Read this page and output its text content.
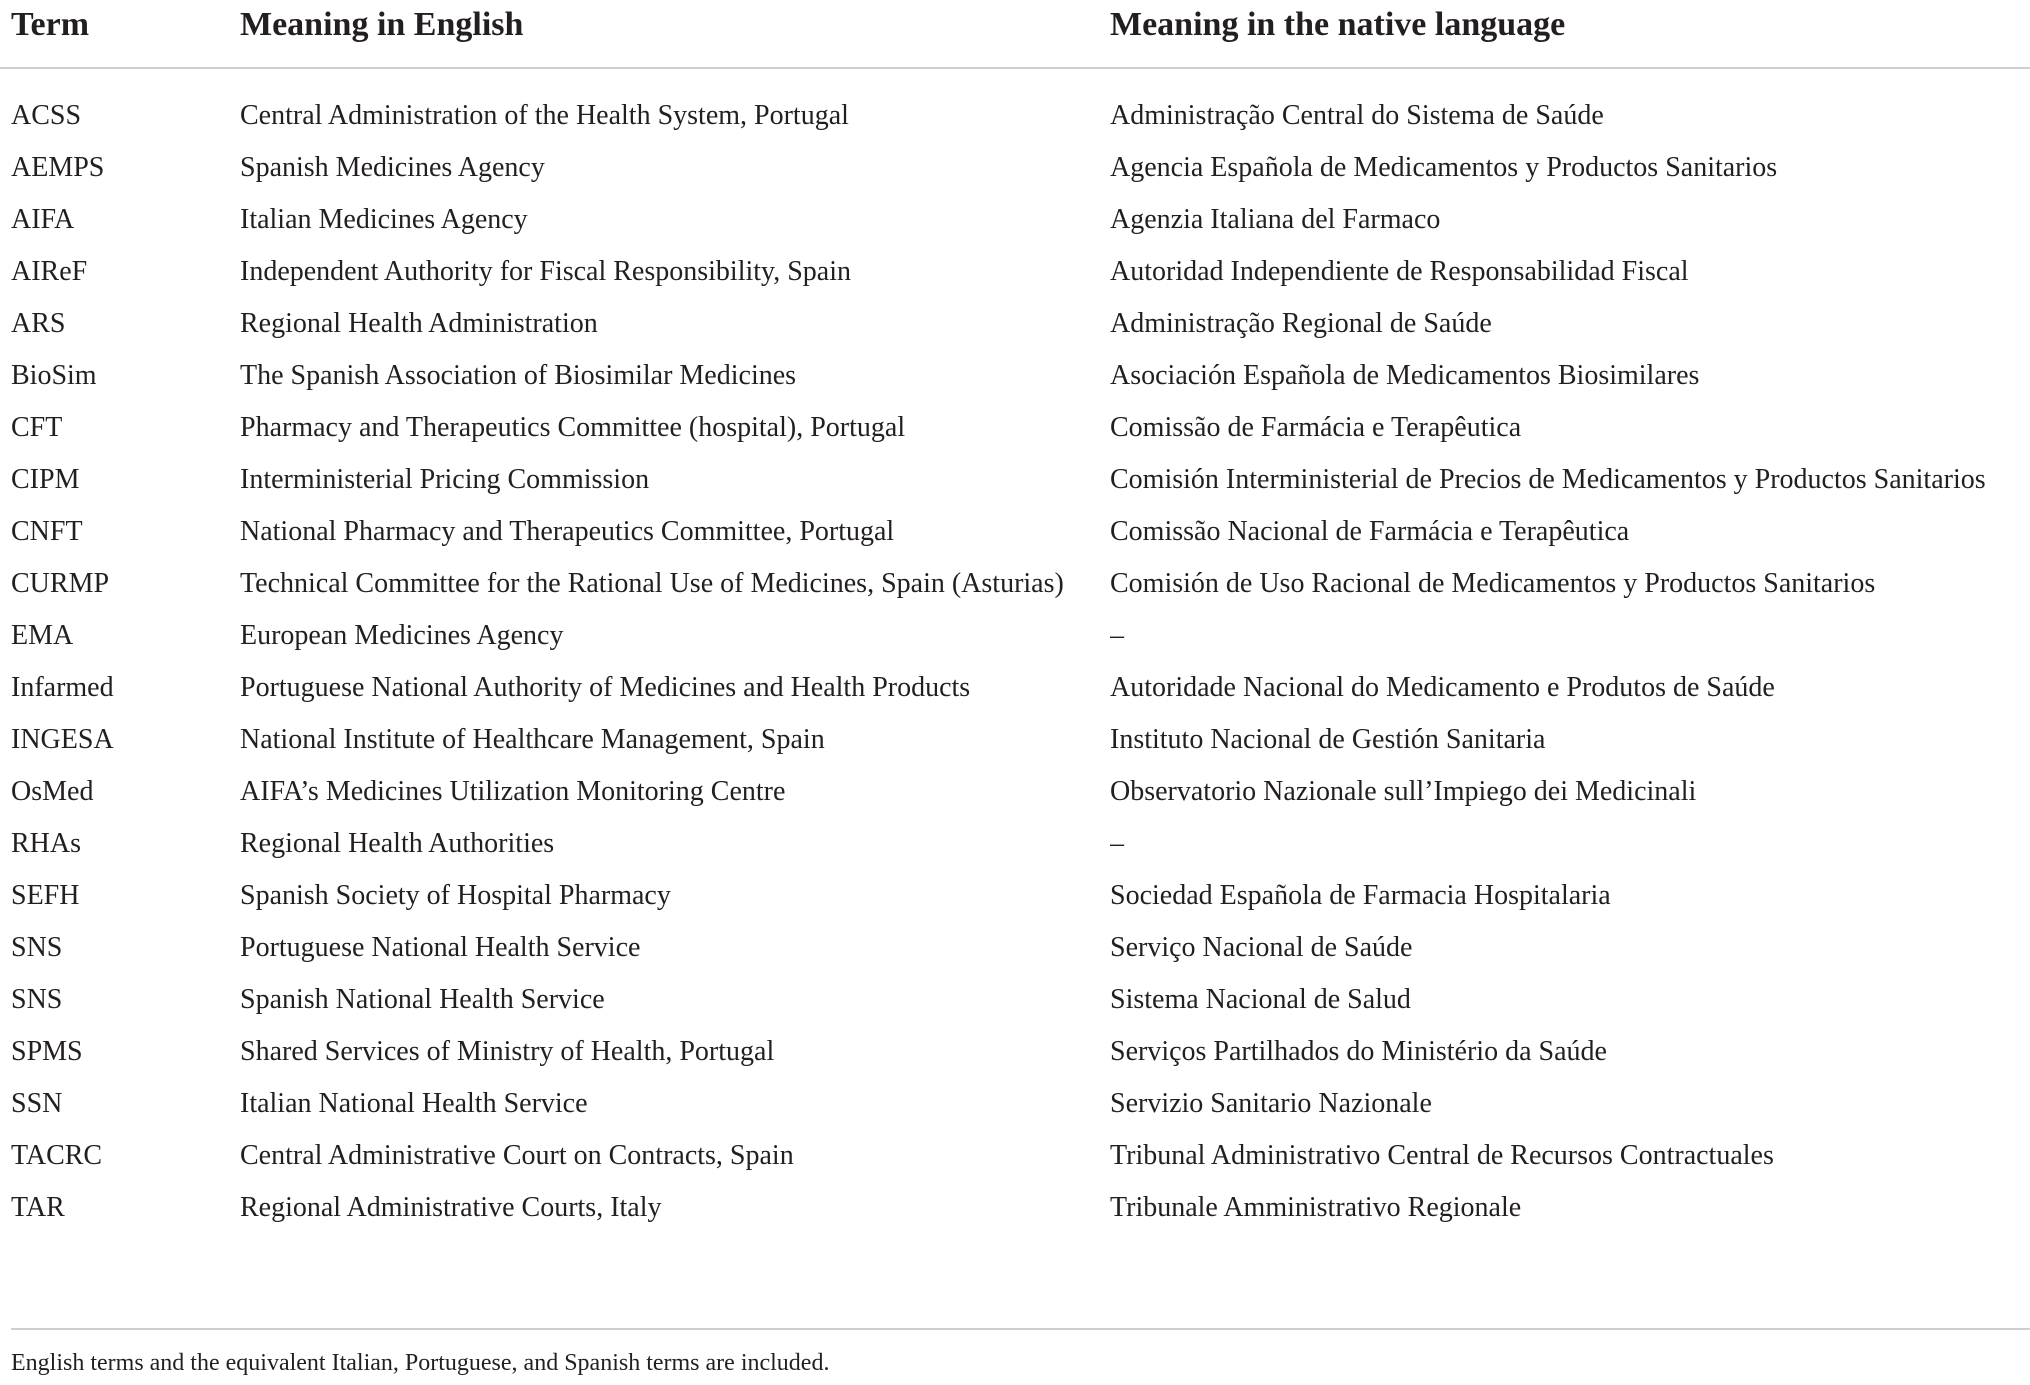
Term	Meaning in English	Meaning in the native language
ACSS	Central Administration of the Health System, Portugal	Administração Central do Sistema de Saúde
AEMPS	Spanish Medicines Agency	Agencia Española de Medicamentos y Productos Sanitarios
AIFA	Italian Medicines Agency	Agenzia Italiana del Farmaco
AIReF	Independent Authority for Fiscal Responsibility, Spain	Autoridad Independiente de Responsabilidad Fiscal
ARS	Regional Health Administration	Administração Regional de Saúde
BioSim	The Spanish Association of Biosimilar Medicines	Asociación Española de Medicamentos Biosimilares
CFT	Pharmacy and Therapeutics Committee (hospital), Portugal	Comissão de Farmácia e Terapêutica
CIPM	Interministerial Pricing Commission	Comisión Interministerial de Precios de Medicamentos y Productos Sanitarios
CNFT	National Pharmacy and Therapeutics Committee, Portugal	Comissão Nacional de Farmácia e Terapêutica
CURMP	Technical Committee for the Rational Use of Medicines, Spain (Asturias)	Comisión de Uso Racional de Medicamentos y Productos Sanitarios
EMA	European Medicines Agency	–
Infarmed	Portuguese National Authority of Medicines and Health Products	Autoridade Nacional do Medicamento e Produtos de Saúde
INGESA	National Institute of Healthcare Management, Spain	Instituto Nacional de Gestión Sanitaria
OsMed	AIFA’s Medicines Utilization Monitoring Centre	Observatorio Nazionale sull’Impiego dei Medicinali
RHAs	Regional Health Authorities	–
SEFH	Spanish Society of Hospital Pharmacy	Sociedad Española de Farmacia Hospitalaria
SNS	Portuguese National Health Service	Serviço Nacional de Saúde
SNS	Spanish National Health Service	Sistema Nacional de Salud
SPMS	Shared Services of Ministry of Health, Portugal	Serviços Partilhados do Ministério da Saúde
SSN	Italian National Health Service	Servizio Sanitario Nazionale
TACRC	Central Administrative Court on Contracts, Spain	Tribunal Administrativo Central de Recursos Contractuales
TAR	Regional Administrative Courts, Italy	Tribunale Amministrativo Regionale
English terms and the equivalent Italian, Portuguese, and Spanish terms are included.
